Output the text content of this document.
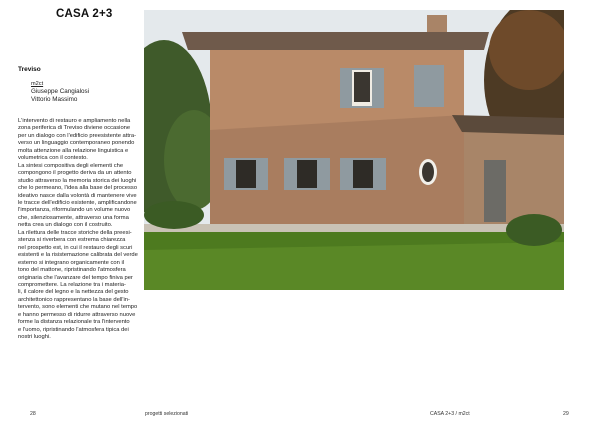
CASA 2+3
Treviso
m2ct
Giuseppe Cangialosi
Vittorio Massimo
L'intervento di restauro e ampliamento nella
zona periferica di Treviso diviene occasione
per un dialogo con l'edificio preesistente attra-
verso un linguaggio contemporaneo ponendo
molta attenzione alla relazione linguistica e
volumetrica con il contesto.
La sintesi compositiva degli elementi che
compongono il progetto deriva da un attento
studio attraverso la memoria storica dei luoghi
che lo permeano, l'idea alla base del processo
ideativo nasce dalla volontà di mantenere vive
le tracce dell'edificio esistente, amplificandone
l'importanza, riformulando un volume nuovo
che, silenziosamente, attraverso una forma
netta crea un dialogo con il costruito.
La rilettura delle tracce storiche della preesi-
stenza si riverbera con estrema chiarezza
nel prospetto est, in cui il restauro degli scuri
esistenti e la risistemazione calibrata del verde
esterno si integrano organicamente con il
tono del mattone, ripristinando l'atmosfera
originaria che l'avanzare del tempo finiva per
compromettere. La relazione tra i materia-
li, il calore del legno e la nettezza del gesto
architettonico rappresentano la base dell'in-
tervento, sono elementi che mutano nel tempo
e hanno permesso di ridurre attraverso nuove
forme la distanza relazionale tra l'intervento
e l'uomo, ripristinando l'atmosfera tipica dei
nostri luoghi.
28	progetti selezionati	CASA 2+3 / m2ct	29
